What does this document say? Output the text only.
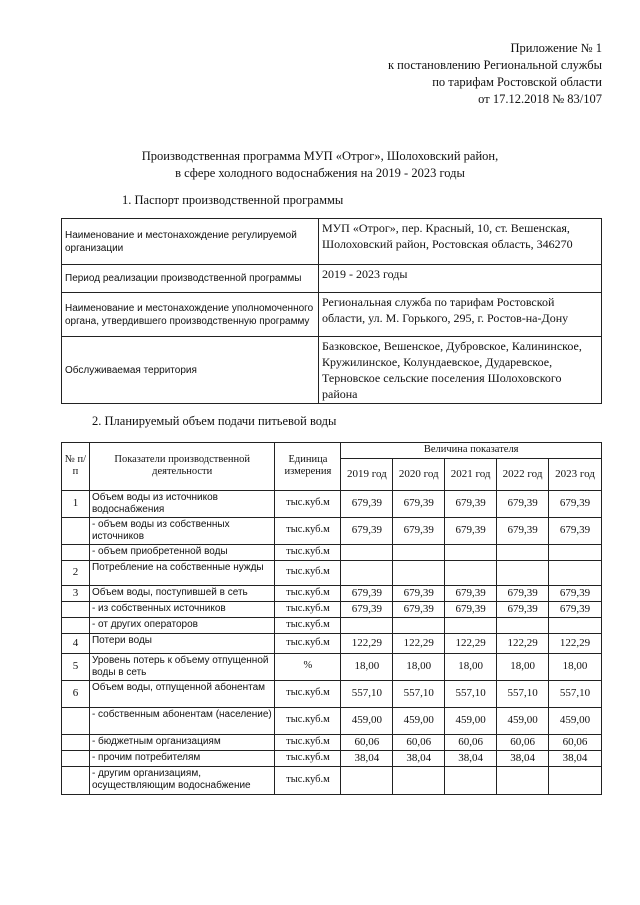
Приложение № 1
к постановлению Региональной службы
по тарифам Ростовской области
от 17.12.2018 № 83/107
Производственная программа МУП «Отрог», Шолоховский район,
в сфере холодного водоснабжения на 2019 - 2023 годы
1. Паспорт производственной программы
Наименование и местонахождение регулируемой организации	МУП «Отрог», пер. Красный, 10, ст. Вешенская, Шолоховский район, Ростовская область, 346270
Период реализации производственной программы	2019 - 2023 годы
Наименование и местонахождение уполномоченного органа, утвердившего производственную программу	Региональная служба по тарифам Ростовской области, ул. М. Горького, 295, г. Ростов-на-Дону
Обслуживаемая территория	Базковское, Вешенское, Дубровское, Калининское, Кружилинское, Колундаевское, Дударевское, Терновское сельские поселения Шолоховского района
2. Планируемый объем подачи питьевой воды
№ п/п	Показатели производственной деятельности	Единица измерения	Величина показателя				
			2019 год	2020 год	2021 год	2022 год	2023 год
1	Объем воды из источников водоснабжения	тыс.куб.м	679,39	679,39	679,39	679,39	679,39
	- объем воды из собственных источников	тыс.куб.м	679,39	679,39	679,39	679,39	679,39
	- объем приобретенной воды	тыс.куб.м					
2	Потребление на собственные нужды	тыс.куб.м					
3	Объем воды, поступившей в сеть	тыс.куб.м	679,39	679,39	679,39	679,39	679,39
	- из собственных источников	тыс.куб.м	679,39	679,39	679,39	679,39	679,39
	- от других операторов	тыс.куб.м					
4	Потери воды	тыс.куб.м	122,29	122,29	122,29	122,29	122,29
5	Уровень потерь к объему отпущенной воды в сеть	%	18,00	18,00	18,00	18,00	18,00
6	Объем воды, отпущенной абонентам	тыс.куб.м	557,10	557,10	557,10	557,10	557,10
	- собственным абонентам (население)	тыс.куб.м	459,00	459,00	459,00	459,00	459,00
	- бюджетным организациям	тыс.куб.м	60,06	60,06	60,06	60,06	60,06
	- прочим потребителям	тыс.куб.м	38,04	38,04	38,04	38,04	38,04
	- другим организациям, осуществляющим водоснабжение	тыс.куб.м					
